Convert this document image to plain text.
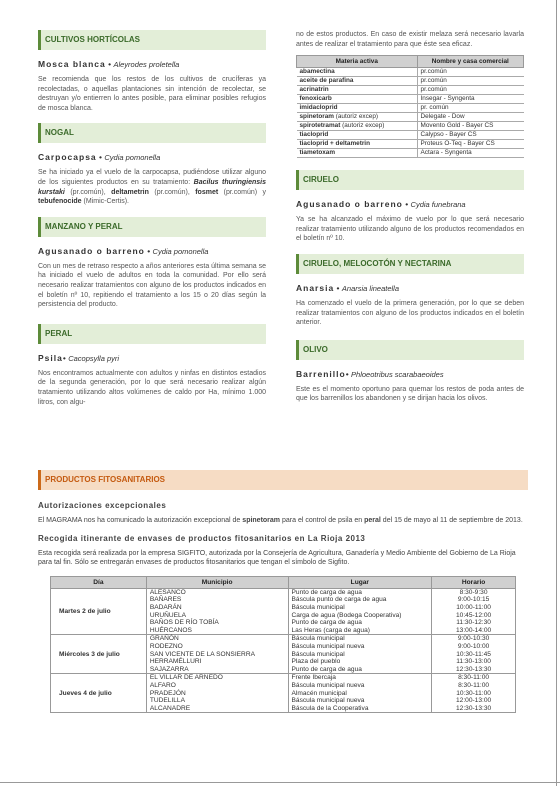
CULTIVOS HORTÍCOLAS
Mosca blanca • Aleyrodes proletella
Se recomienda que los restos de los cultivos de crucíferas ya recolectadas, o aquellas plantaciones sin intención de recolectar, se destruyan y/o entierren lo antes posible, para eliminar posibles refugios de mosca blanca.
NOGAL
Carpocapsa • Cydia pomonella
Se ha iniciado ya el vuelo de la carpocapsa, pudiéndose utilizar alguno de los siguientes productos en su tratamiento: Bacilus thuringiensis kurstaki (pr.común), deltametrin (pr.común), fosmet (pr.común) y tebufenocide (Mimic-Certis).
MANZANO Y PERAL
Agusanado o barreno • Cydia pomonella
Con un mes de retraso respecto a años anteriores esta última semana se ha iniciado el vuelo de adultos en toda la comunidad. Por ello será necesario realizar tratamientos con alguno de los productos indicados en el boletín nº 10, repitiendo el tratamiento a los 15 o 20 días según la persistencia del producto.
PERAL
Psila• Cacopsylla pyri
Nos encontramos actualmente con adultos y ninfas en distintos estadios de la segunda generación, por lo que será necesario realizar algún tratamiento utilizando altos volúmenes de caldo por Ha, mínimo 1.000 litros, con algu-
no de estos productos. En caso de existir melaza será necesario lavarla antes de realizar el tratamiento para que éste sea eficaz.
Materia activa	Nombre y casa comercial
abamectina	pr.común
aceite de parafina	pr.común
acrinatrin	pr.común
fenoxicarb	Insegar - Syngenta
imidacloprid	pr. común
spinetoram (autoriz excep)	Delegate - Dow
spirotetramat (autoriz excep)	Movento Gold - Bayer CS
tiacloprid	Calypso - Bayer CS
tiacloprid + deltametrin	Proteus O-Teq - Bayer CS
tiametoxam	Actara - Syngenta
CIRUELO
Agusanado o barreno • Cydia funebrana
Ya se ha alcanzado el máximo de vuelo por lo que será necesario realizar tratamiento utilizando alguno de los productos recomendados en el boletín nº 10.
CIRUELO, MELOCOTÓN Y NECTARINA
Anarsia • Anarsia lineatella
Ha comenzado el vuelo de la primera generación, por lo que se deben realizar tratamientos con alguno de los productos indicados en el boletín anterior.
OLIVO
Barrenillo• Phloeotribus scarabaeoides
Este es el momento oportuno para quemar los restos de poda antes de que los barrenillos los abandonen y se dirijan hacia los olivos.
PRODUCTOS FITOSANITARIOS
Autorizaciones excepcionales
El MAGRAMA nos ha comunicado la autorización excepcional de spinetoram para el control de psila en peral del 15 de mayo al 11 de septiembre de 2013.
Recogida itinerante de envases de productos fitosanitarios en La Rioja 2013
Esta recogida será realizada por la empresa SIGFITO, autorizada por la Consejería de Agricultura, Ganadería y Medio Ambiente del Gobierno de La Rioja para tal fin. Sólo se entregarán envases de productos fitosanitarios que tengan el símbolo de Sigfito.
Día	Municipio	Lugar	Horario
Martes 2 de julio	ALESANCO	Punto de carga de agua	8:30-9:30
	BAÑARES	Báscula punto de carga de agua	9:00-10:15
	BADARÁN	Báscula municipal	10:00-11:00
	URUÑUELA	Carga de agua (Bodega Cooperativa)	10:45-12:00
	BAÑOS DE RÍO TOBÍA	Punto de carga de agua	11:30-12:30
	HUÉRCANOS	Las Heras (carga de agua)	13:00-14:00
Miércoles 3 de julio	GRAÑÓN	Báscula municipal	9:00-10:30
	RODEZNO	Báscula municipal nueva	9:00-10:00
	SAN VICENTE DE LA SONSIERRA	Báscula municipal	10:30-11:45
	HERRAMÉLLURI	Plaza del pueblo	11:30-13:00
	SAJAZARRA	Punto de carga de agua	12:30-13:30
Jueves 4 de julio	EL VILLAR DE ARNEDO	Frente Ibercaja	8:30-11:00
	ALFARO	Báscula municipal nueva	8:30-11:00
	PRADEJÓN	Almacén municipal	10:30-11:00
	TUDELILLA	Báscula municipal nueva	12:00-13:00
	ALCANADRE	Báscula de la Cooperativa	12:30-13:30
